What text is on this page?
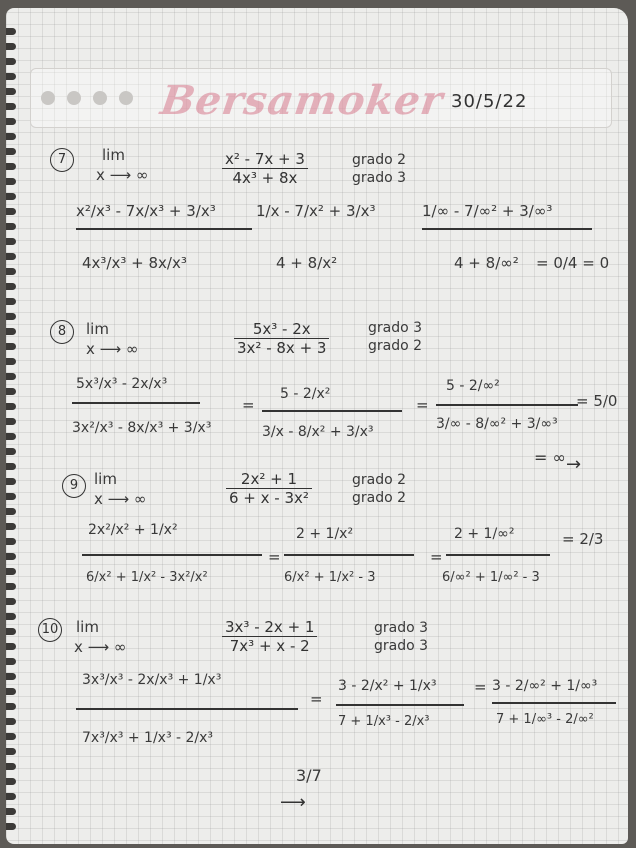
Bersamoker 30/5/22
7	lim
x ⟶ ∞	$\frac{\text{x² - 7x + 3}}{\text{4x³ + 8x}}$	grado 2
grado 3
x²/x³ - 7x/x³ + 3/x³
4x³/x³ + 8x/x³
1/x - 7/x² + 3/x³
4 + 8/x²
1/∞ - 7/∞² + 3/∞³
4 + 8/∞² = 0/4 = 0
8	lim
x ⟶ ∞	$\frac{\text{5x³ - 2x}}{\text{3x² - 8x + 3}}$	grado 3
grado 2
5x³/x³ - 2x/x³
3x²/x³ - 8x/x³ + 3/x³
=
5 - 2/x²
3/x - 8/x² + 3/x³
=
5 - 2/∞²
3/∞ - 8/∞² + 3/∞³
= 5/0
= ∞ →
9	lim
x ⟶ ∞	$\frac{\text{2x² + 1}}{\text{6 + x - 3x²}}$	grado 2
grado 2
2x²/x² + 1/x²
6/x² + 1/x² - 3x²/x²
=
2 + 1/x²
6/x² + 1/x² - 3
=
2 + 1/∞²
6/∞² + 1/∞² - 3
= 2/3
10 lim
x ⟶ ∞	$\frac{\text{3x³ - 2x + 1}}{\text{7x³ + x - 2}}$	grado 3
grado 3
3x³/x³ - 2x/x³ + 1/x³
7x³/x³ + 1/x³ - 2/x³
=
3 - 2/x² + 1/x³
7 + 1/x³ - 2/x³
= 3 - 2/∞² + 1/∞³
7 + 1/∞³ - 2/∞²
3/7
⟶
